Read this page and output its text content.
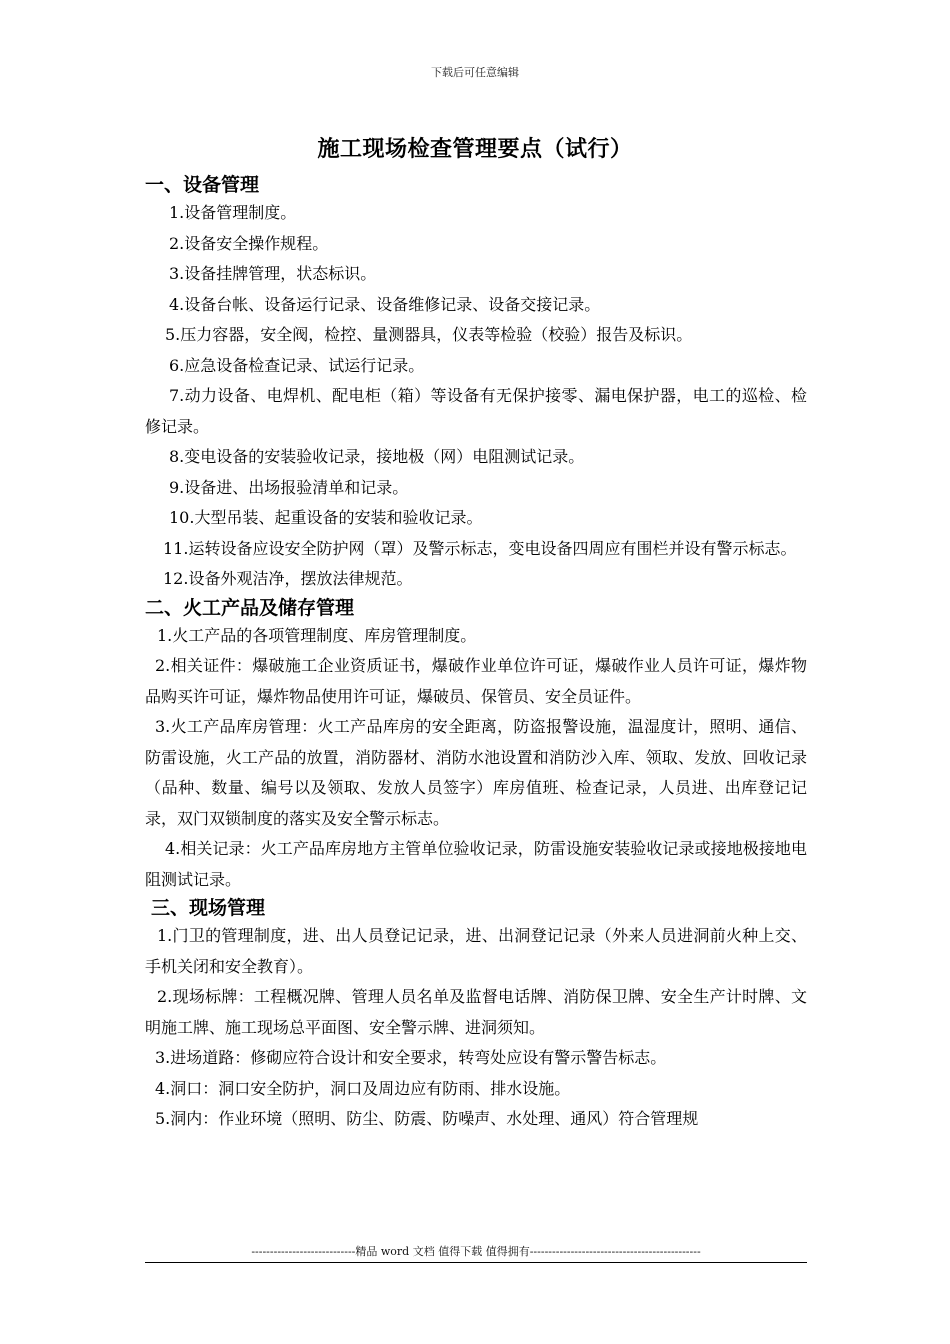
下载后可任意编辑
施工现场检查管理要点（试行）

一、设备管理

1.设备管理制度。

2.设备安全操作规程。

3.设备挂牌管理，状态标识。

4.设备台帐、设备运行记录、设备维修记录、设备交接记录。

5.压力容器，安全阀，检控、量测器具，仪表等检验（校验）报告及标识。

6.应急设备检查记录、试运行记录。

7.动力设备、电焊机、配电柜（箱）等设备有无保护接零、漏电保护器，电工的巡检、检修记录。

8.变电设备的安装验收记录，接地极（网）电阻测试记录。

9.设备进、出场报验清单和记录。

10.大型吊装、起重设备的安装和验收记录。

11.运转设备应设安全防护网（罩）及警示标志，变电设备四周应有围栏并设有警示标志。

12.设备外观洁净，摆放法律规范。

二、火工产品及储存管理

1.火工产品的各项管理制度、库房管理制度。

2.相关证件：爆破施工企业资质证书，爆破作业单位许可证，爆破作业人员许可证，爆炸物品购买许可证，爆炸物品使用许可证，爆破员、保管员、安全员证件。

3.火工产品库房管理：火工产品库房的安全距离，防盗报警设施，温湿度计，照明、通信、防雷设施，火工产品的放置，消防器材、消防水池设置和消防沙入库、领取、发放、回收记录（品种、数量、编号以及领取、发放人员签字）库房值班、检查记录，人员进、出库登记记录，双门双锁制度的落实及安全警示标志。

4.相关记录：火工产品库房地方主管单位验收记录，防雷设施安装验收记录或接地极接地电阻测试记录。

三、现场管理

1.门卫的管理制度，进、出人员登记记录，进、出洞登记记录（外来人员进洞前火种上交、手机关闭和安全教育）。

2.现场标牌：工程概况牌、管理人员名单及监督电话牌、消防保卫牌、安全生产计时牌、文明施工牌、施工现场总平面图、安全警示牌、进洞须知。

3.进场道路：修砌应符合设计和安全要求，转弯处应设有警示警告标志。

4.洞口：洞口安全防护，洞口及周边应有防雨、排水设施。

5.洞内：作业环境（照明、防尘、防震、防噪声、水处理、通风）符合管理规

----------------------------精品 word 文档 值得下载 值得拥有----------------------------------------------
